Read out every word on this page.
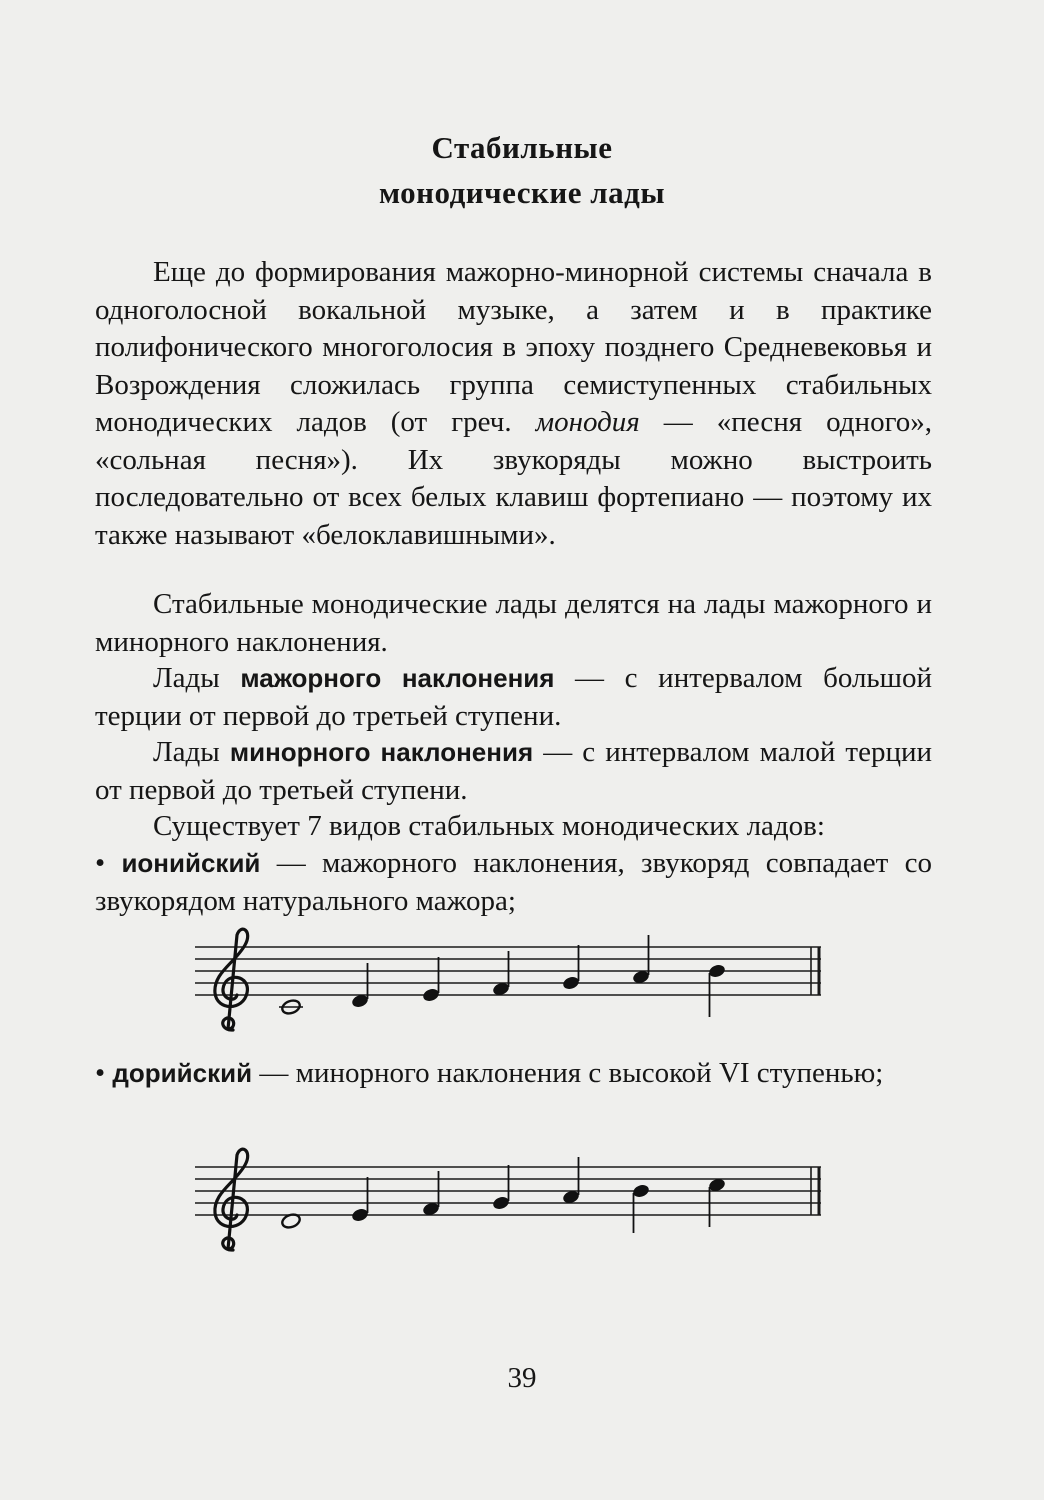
Стабильные
монодические лады

Еще до формирования мажорно-минорной системы сначала в одноголосной вокальной музыке, а затем и в практике полифонического многоголосия в эпоху позднего Средневековья и Возрождения сложилась группа семиступенных стабильных монодических ладов (от греч. монодия — «песня одного», «сольная песня»). Их звукоряды можно выстроить последовательно от всех белых клавиш фортепиано — поэтому их также называют «белоклавишными».

Стабильные монодические лады делятся на лады мажорного и минорного наклонения.

Лады мажорного наклонения — с интервалом большой терции от первой до третьей ступени.

Лады минорного наклонения — с интервалом малой терции от первой до третьей ступени.

Существует 7 видов стабильных монодических ладов:

• ионийский — мажорного наклонения, звукоряд совпадает со звукорядом натурального мажора;

• дорийский — минорного наклонения с высокой VI ступенью;

39
